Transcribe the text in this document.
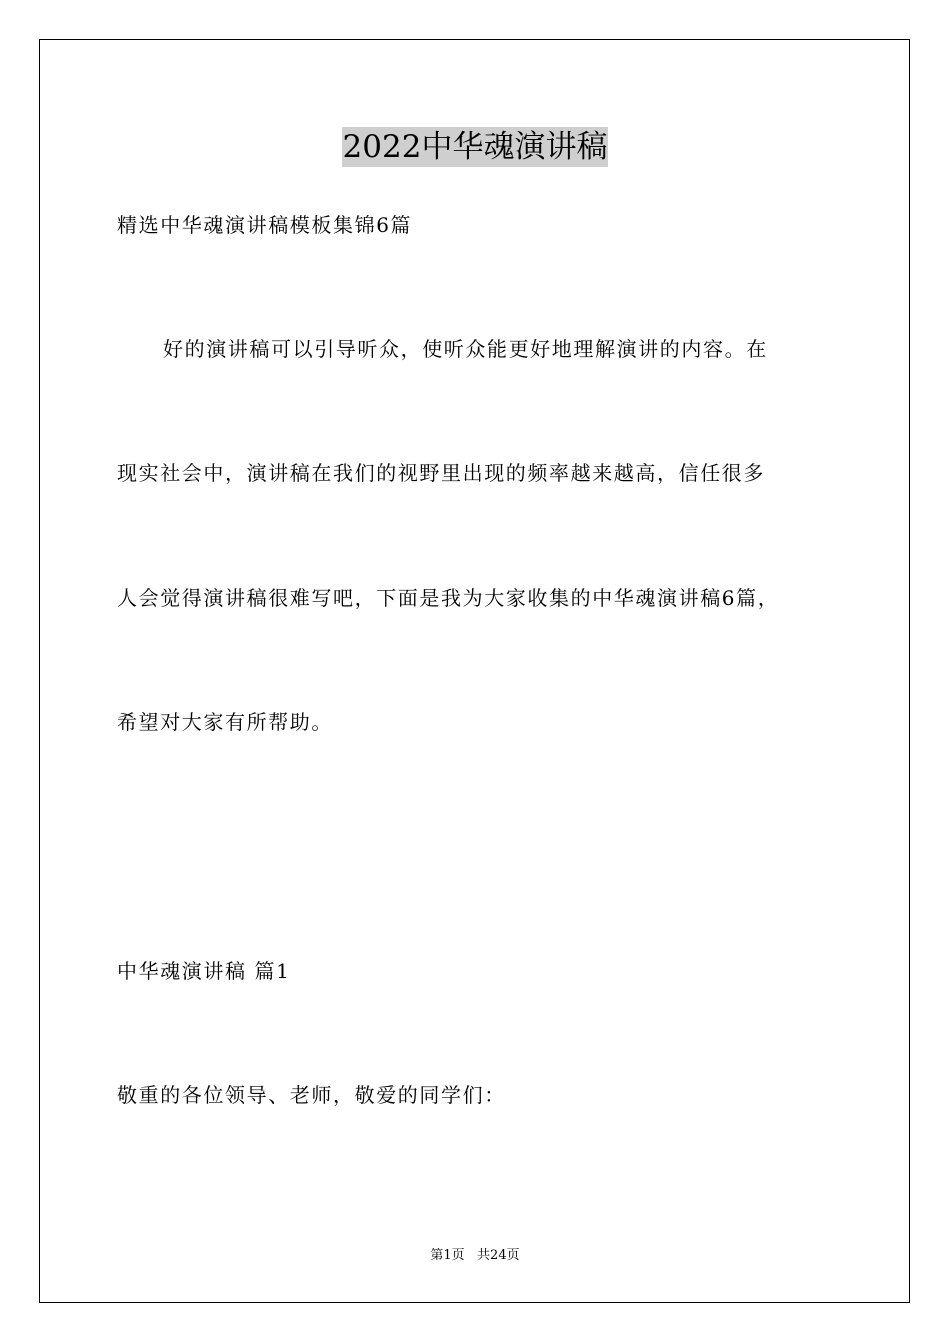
2022中华魂演讲稿
精选中华魂演讲稿模板集锦6篇
好的演讲稿可以引导听众，使听众能更好地理解演讲的内容。在
现实社会中，演讲稿在我们的视野里出现的频率越来越高，信任很多
人会觉得演讲稿很难写吧，下面是我为大家收集的中华魂演讲稿6篇，
希望对大家有所帮助。
中华魂演讲稿 篇1
敬重的各位领导、老师，敬爱的同学们：
第1页   共24页
